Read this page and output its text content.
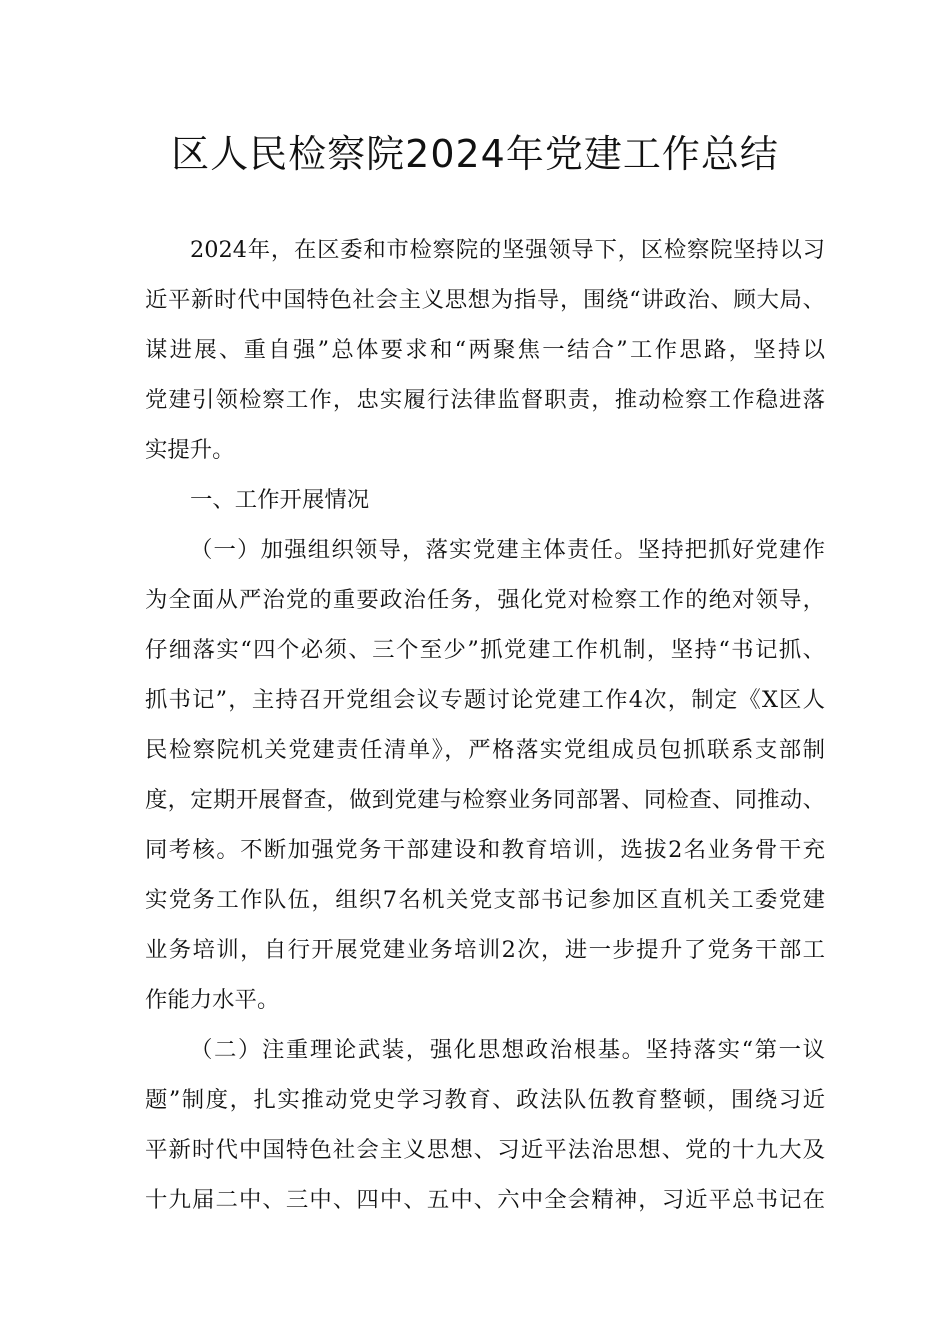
区人民检察院2024年党建工作总结
2024年，在区委和市检察院的坚强领导下，区检察院坚持以习
近平新时代中国特色社会主义思想为指导，围绕“讲政治、顾大局、
谋进展、重自强”总体要求和“两聚焦一结合”工作思路，坚持以
党建引领检察工作，忠实履行法律监督职责，推动检察工作稳进落
实提升。
一、工作开展情况
（一）加强组织领导，落实党建主体责任。坚持把抓好党建作
为全面从严治党的重要政治任务，强化党对检察工作的绝对领导，
仔细落实“四个必须、三个至少”抓党建工作机制，坚持“书记抓、
抓书记”，主持召开党组会议专题讨论党建工作4次，制定《X区人
民检察院机关党建责任清单》，严格落实党组成员包抓联系支部制
度，定期开展督查，做到党建与检察业务同部署、同检查、同推动、
同考核。不断加强党务干部建设和教育培训，选拔2名业务骨干充
实党务工作队伍，组织7名机关党支部书记参加区直机关工委党建
业务培训，自行开展党建业务培训2次，进一步提升了党务干部工
作能力水平。
（二）注重理论武装，强化思想政治根基。坚持落实“第一议
题”制度，扎实推动党史学习教育、政法队伍教育整顿，围绕习近
平新时代中国特色社会主义思想、习近平法治思想、党的十九大及
十九届二中、三中、四中、五中、六中全会精神，习近平总书记在
